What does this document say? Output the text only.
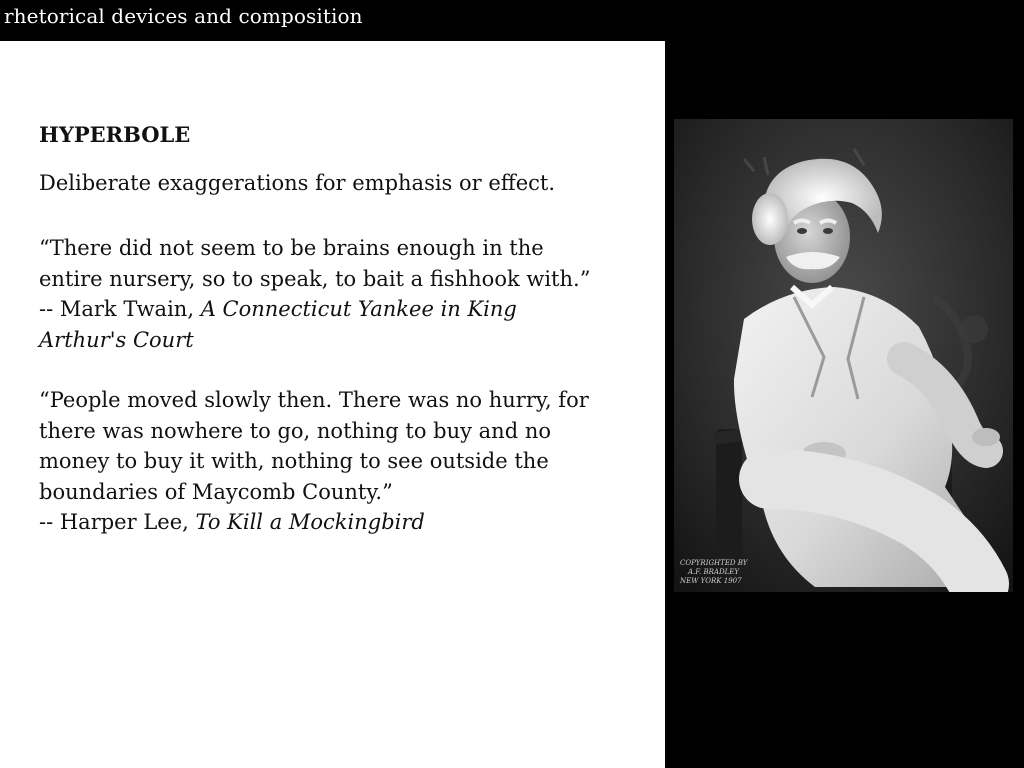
rhetorical devices and composition
HYPERBOLE
Deliberate exaggerations for emphasis or effect.
“There did not seem to be brains enough in the entire nursery, so to speak, to bait a fishhook with.”
-- Mark Twain, A Connecticut Yankee in King Arthur's Court
“People moved slowly then. There was no hurry, for there was nowhere to go, nothing to buy and no money to buy it with, nothing to see outside the boundaries of Maycomb County.”
-- Harper Lee, To Kill a Mockingbird
COPYRIGHTED BY
A.F. BRADLEY
NEW YORK 1907
